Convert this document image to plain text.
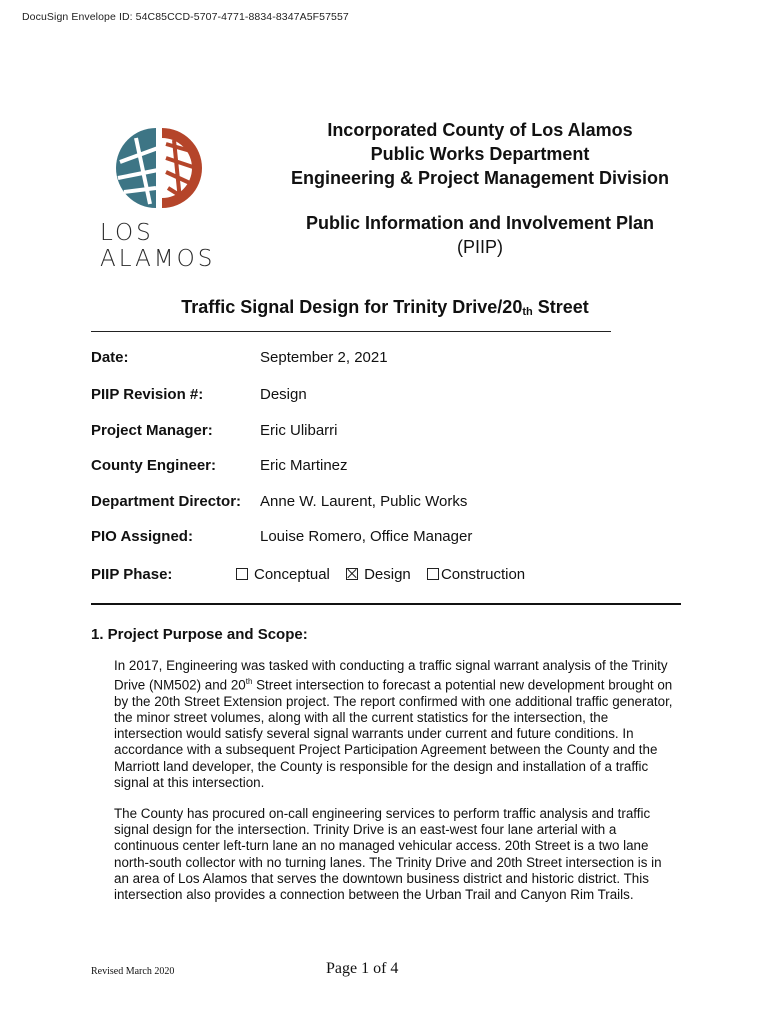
DocuSign Envelope ID: 54C85CCD-5707-4771-8834-8347A5F57557
LOS ALAMOS
Incorporated County of Los Alamos
Public Works Department
Engineering & Project Management Division
Public Information and Involvement Plan
(PIIP)
Traffic Signal Design for Trinity Drive/20th Street
Date:	September 2, 2021
PIIP Revision #:	Design
Project Manager:	Eric Ulibarri
County Engineer:	Eric Martinez
Department Director: Anne W. Laurent, Public Works
PIO Assigned:	Louise Romero, Office Manager
PIIP Phase:	Conceptual Design Construction
1. Project Purpose and Scope:
In 2017, Engineering was tasked with conducting a traffic signal warrant analysis of the Trinity Drive (NM502) and 20th Street intersection to forecast a potential new development brought on by the 20th Street Extension project. The report confirmed with one additional traffic generator, the minor street volumes, along with all the current statistics for the intersection, the intersection would satisfy several signal warrants under current and future conditions. In accordance with a subsequent Project Participation Agreement between the County and the Marriott land developer, the County is responsible for the design and installation of a traffic signal at this intersection.
The County has procured on-call engineering services to perform traffic analysis and traffic signal design for the intersection. Trinity Drive is an east-west four lane arterial with a continuous center left-turn lane an no managed vehicular access. 20th Street is a two lane north-south collector with no turning lanes. The Trinity Drive and 20th Street intersection is in an area of Los Alamos that serves the downtown business district and historic district. This intersection also provides a connection between the Urban Trail and Canyon Rim Trails.
Revised March 2020	Page 1 of 4
